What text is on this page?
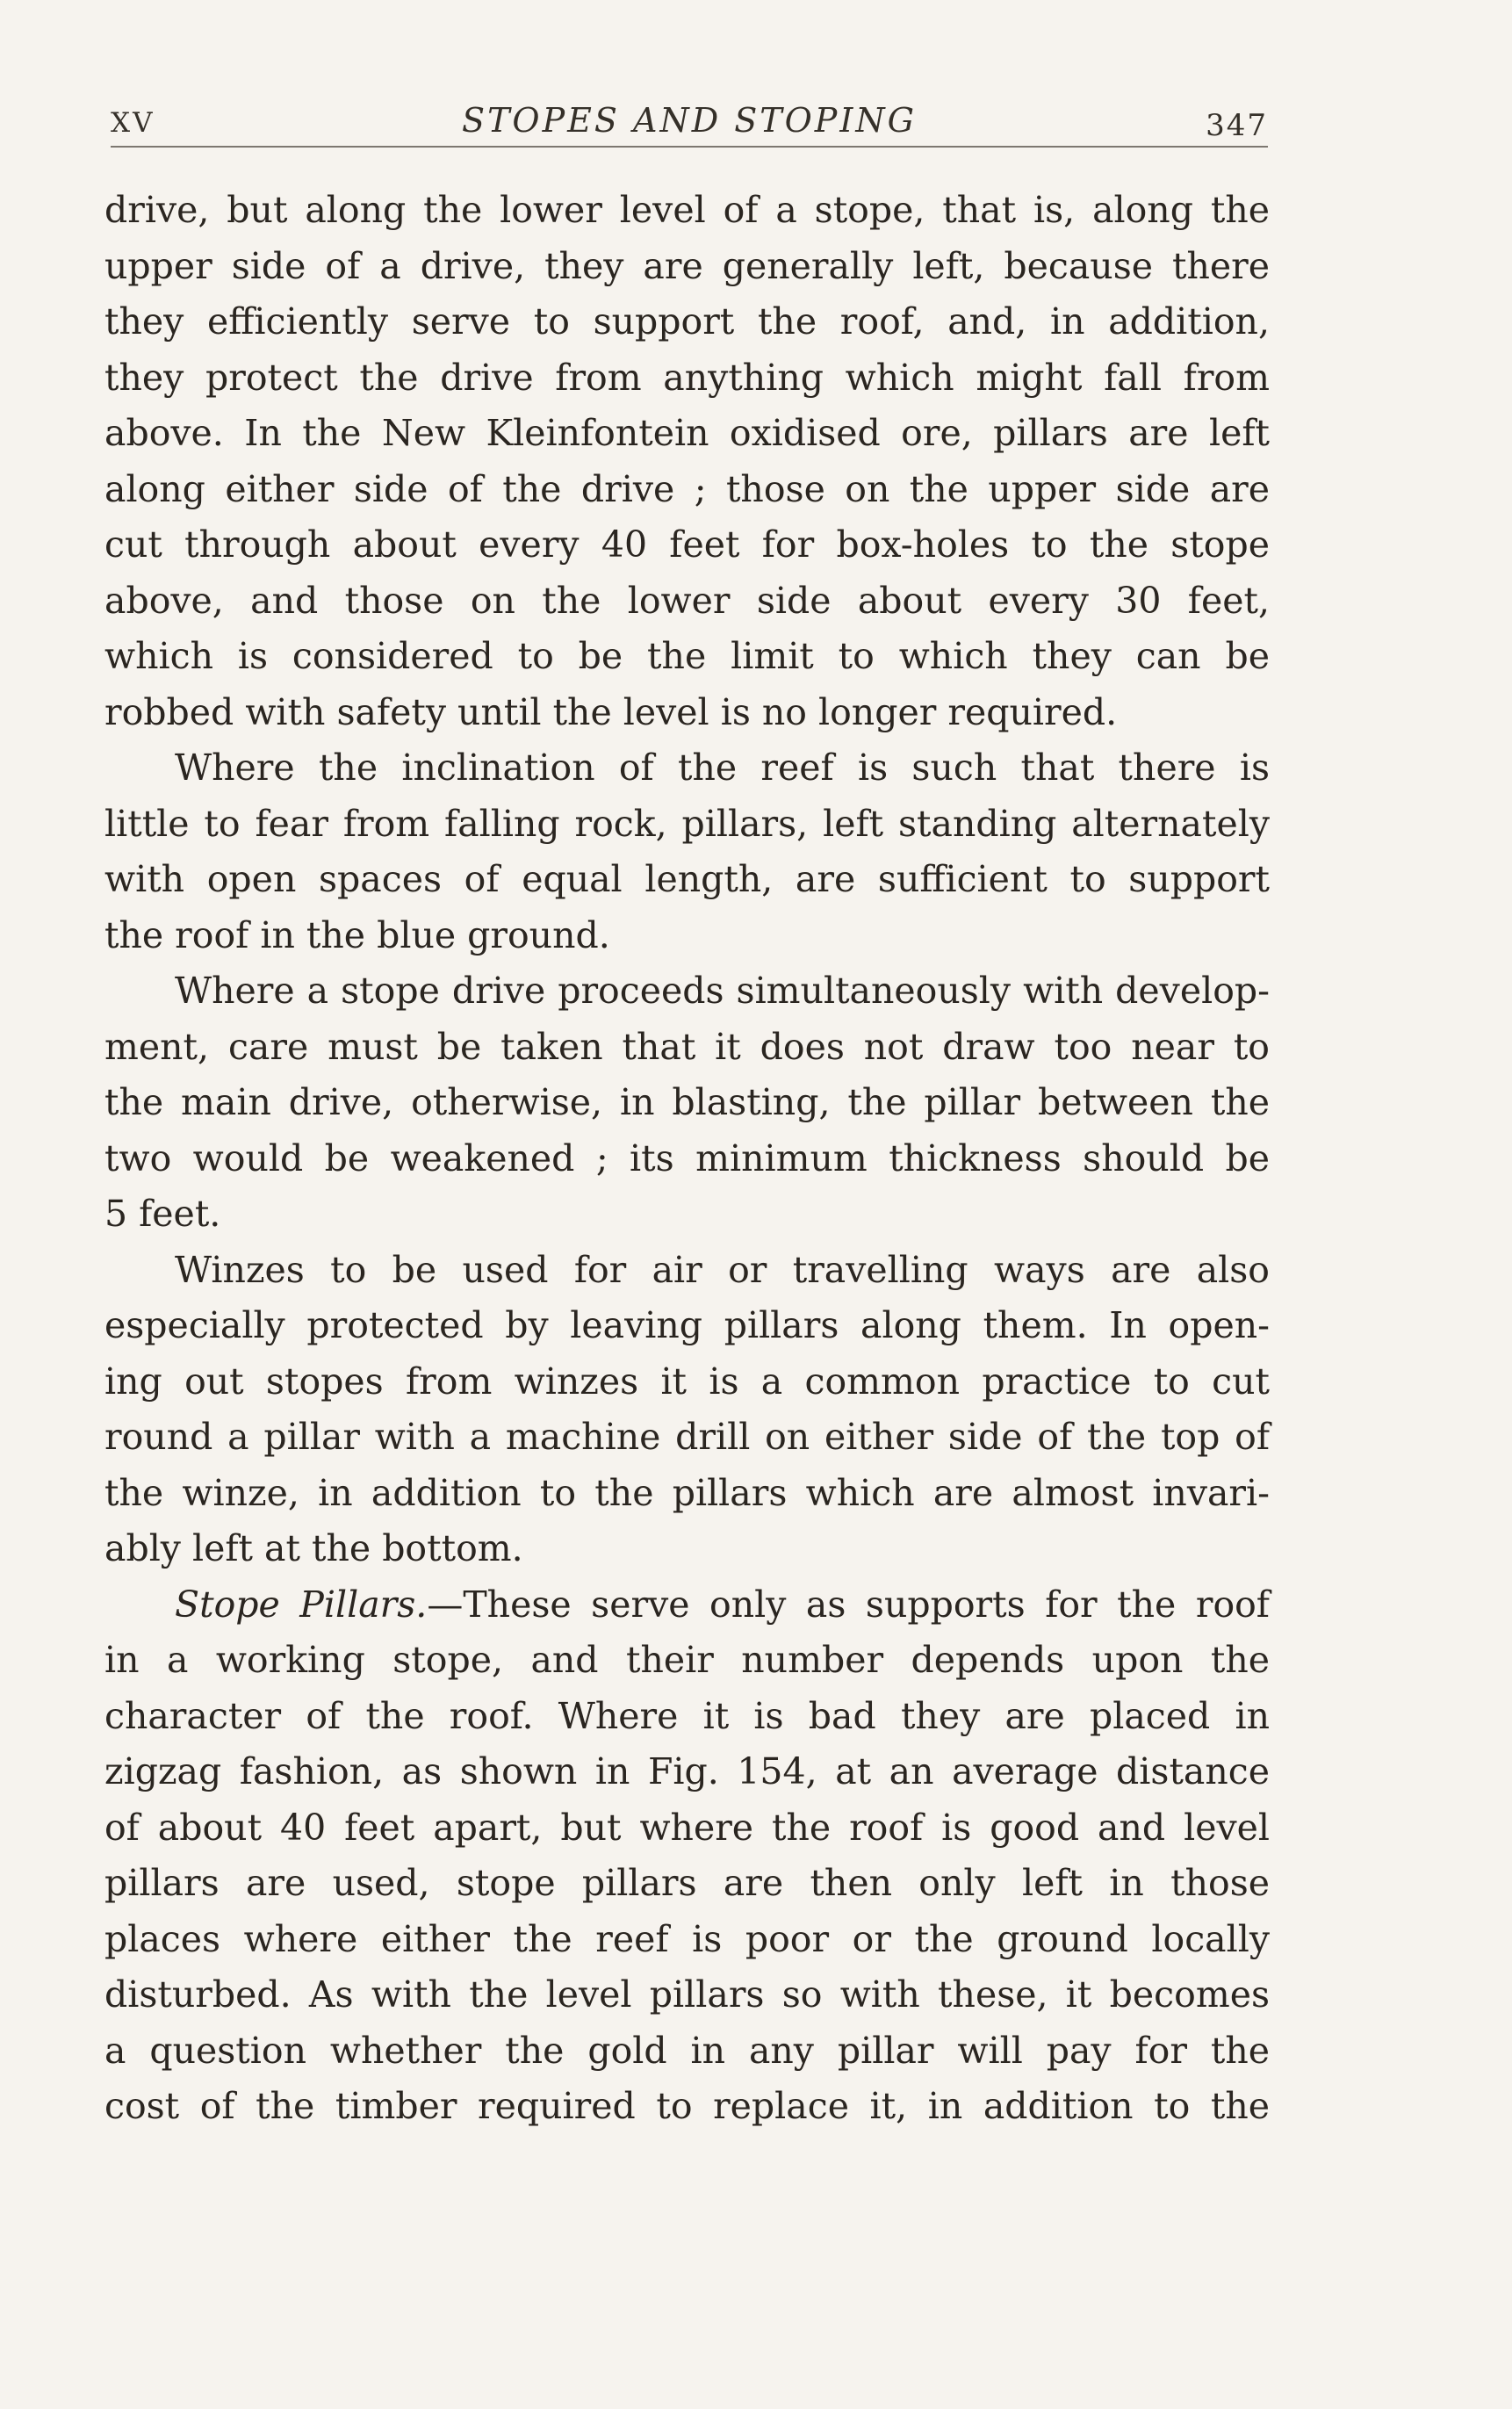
XV	STOPES AND STOPING	347

drive, but along the lower level of a stope, that is, along the
upper side of a drive, they are generally left, because there
they efficiently serve to support the roof, and, in addition,
they protect the drive from anything which might fall from
above. In the New Kleinfontein oxidised ore, pillars are left
along either side of the drive ; those on the upper side are
cut through about every 40 feet for box-holes to the stope
above, and those on the lower side about every 30 feet,
which is considered to be the limit to which they can be
robbed with safety until the level is no longer required.

Where the inclination of the reef is such that there is
little to fear from falling rock, pillars, left standing alternately
with open spaces of equal length, are sufficient to support
the roof in the blue ground.

Where a stope drive proceeds simultaneously with develop-
ment, care must be taken that it does not draw too near to
the main drive, otherwise, in blasting, the pillar between the
two would be weakened ; its minimum thickness should be
5 feet.

Winzes to be used for air or travelling ways are also
especially protected by leaving pillars along them. In open-
ing out stopes from winzes it is a common practice to cut
round a pillar with a machine drill on either side of the top of
the winze, in addition to the pillars which are almost invari-
ably left at the bottom.

Stope Pillars.—These serve only as supports for the roof
in a working stope, and their number depends upon the
character of the roof. Where it is bad they are placed in
zigzag fashion, as shown in Fig. 154, at an average distance
of about 40 feet apart, but where the roof is good and level
pillars are used, stope pillars are then only left in those
places where either the reef is poor or the ground locally
disturbed. As with the level pillars so with these, it becomes
a question whether the gold in any pillar will pay for the
cost of the timber required to replace it, in addition to the
